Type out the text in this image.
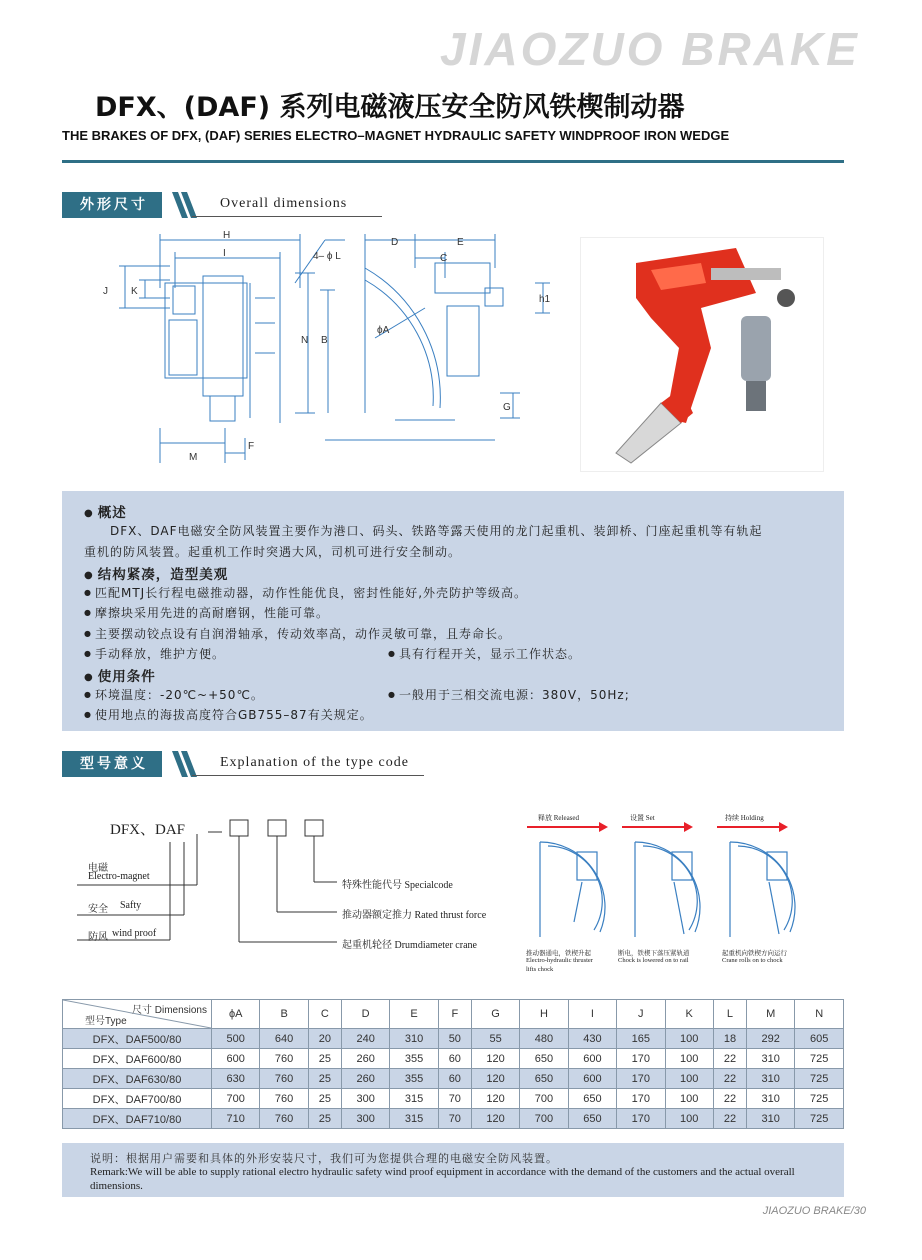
JIAOZUO BRAKE
DFX、(DAF) 系列电磁液压安全防风铁楔制动器
THE BRAKES OF DFX, (DAF) SERIES ELECTRO–MAGNET HYDRAULIC SAFETY WINDPROOF IRON WEDGE
外形尺寸	Overall dimensions
H
I	4– ϕ L
D	E
C
J K
h1
N B
ϕA
G
F
M
● 概述
DFX、DAF电磁安全防风装置主要作为港口、码头、铁路等露天使用的龙门起重机、装卸桥、门座起重机等有轨起
重机的防风装置。起重机工作时突遇大风，司机可进行安全制动。
● 结构紧凑，造型美观
● 匹配MTJ长行程电磁推动器，动作性能优良，密封性能好,外壳防护等级高。
● 摩擦块采用先进的高耐磨钢，性能可靠。
● 主要摆动铰点设有自润滑轴承，传动效率高，动作灵敏可靠，且寿命长。
● 手动释放，维护方便。	● 具有行程开关，显示工作状态。
● 使用条件
● 环境温度：-20℃~+50℃。	● 一般用于三相交流电源：380V，50Hz;
● 使用地点的海拔高度符合GB755–87有关规定。
型号意义	Explanation of the type code
DFX、DAF
电磁
Electro-magnet
安全 Safty
防风 wind proof
特殊性能代号 Specialcode
推动器额定推力 Rated thrust force
起重机轮径 Drumdiameter crane
释放 Released	设置 Set	持续 Holding
推动器通电，铁楔升起
Electro-hydraulic thruster
lifts chock
断电，铁楔下落压紧轨道
Chock is lowered on to rail
起重机向铁楔方向运行
Crane rolls on to chock
尺寸 Dimensions
型号Type	ϕA	B	C	D	E	F	G	H	I	J	K	L	M	N
DFX、DAF500/80	500	640	20	240	310	50	55	480	430	165	100	18	292	605
DFX、DAF600/80	600	760	25	260	355	60	120	650	600	170	100	22	310	725
DFX、DAF630/80	630	760	25	260	355	60	120	650	600	170	100	22	310	725
DFX、DAF700/80	700	760	25	300	315	70	120	700	650	170	100	22	310	725
DFX、DAF710/80	710	760	25	300	315	70	120	700	650	170	100	22	310	725
说明：根据用户需要和具体的外形安装尺寸，我们可为您提供合理的电磁安全防风装置。
Remark:We will be able to supply rational electro hydraulic safety wind proof equipment in accordance with the demand of the customers and the actual overall dimensions.
JIAOZUO BRAKE/30
